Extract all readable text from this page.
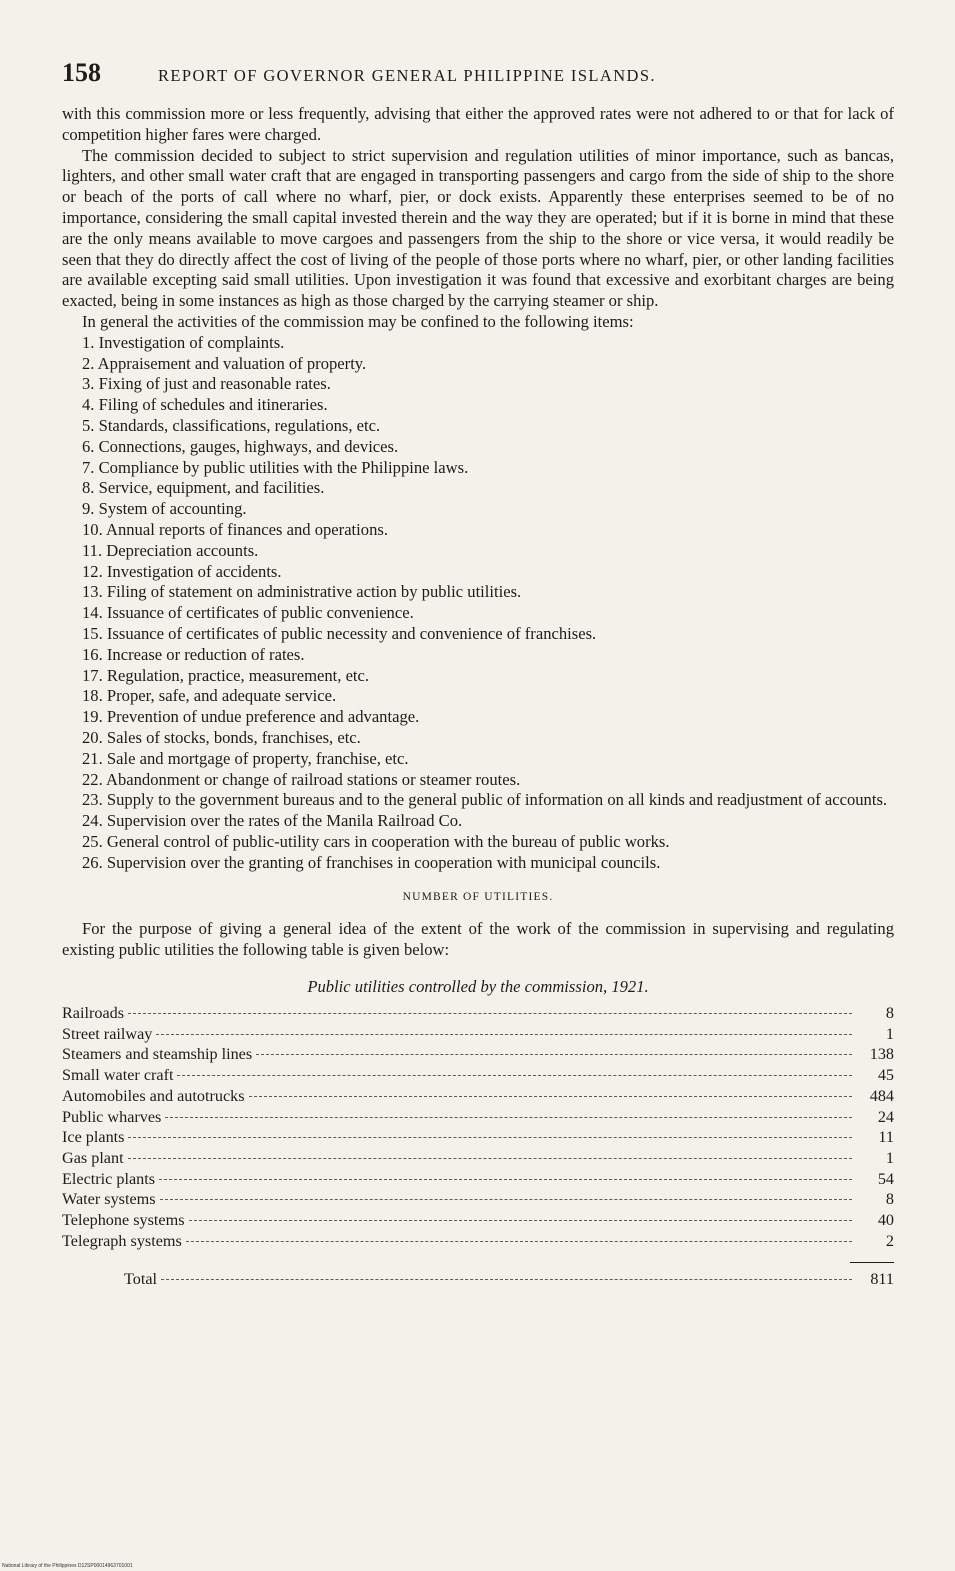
158	REPORT OF GOVERNOR GENERAL PHILIPPINE ISLANDS.

with this commission more or less frequently, advising that either the approved rates were not adhered to or that for lack of competition higher fares were charged.

The commission decided to subject to strict supervision and regulation utilities of minor importance, such as bancas, lighters, and other small water craft that are engaged in transporting passengers and cargo from the side of ship to the shore or beach of the ports of call where no wharf, pier, or dock exists. Apparently these enterprises seemed to be of no importance, considering the small capital invested therein and the way they are operated; but if it is borne in mind that these are the only means available to move cargoes and passengers from the ship to the shore or vice versa, it would readily be seen that they do directly affect the cost of living of the people of those ports where no wharf, pier, or other landing facilities are available excepting said small utilities. Upon investigation it was found that excessive and exorbitant charges are being exacted, being in some instances as high as those charged by the carrying steamer or ship.

In general the activities of the commission may be confined to the following items:

1. Investigation of complaints.
2. Appraisement and valuation of property.
3. Fixing of just and reasonable rates.
4. Filing of schedules and itineraries.
5. Standards, classifications, regulations, etc.
6. Connections, gauges, highways, and devices.
7. Compliance by public utilities with the Philippine laws.
8. Service, equipment, and facilities.
9. System of accounting.
10. Annual reports of finances and operations.
11. Depreciation accounts.
12. Investigation of accidents.
13. Filing of statement on administrative action by public utilities.
14. Issuance of certificates of public convenience.
15. Issuance of certificates of public necessity and convenience of franchises.
16. Increase or reduction of rates.
17. Regulation, practice, measurement, etc.
18. Proper, safe, and adequate service.
19. Prevention of undue preference and advantage.
20. Sales of stocks, bonds, franchises, etc.
21. Sale and mortgage of property, franchise, etc.
22. Abandonment or change of railroad stations or steamer routes.
23. Supply to the government bureaus and to the general public of information on all kinds and readjustment of accounts.
24. Supervision over the rates of the Manila Railroad Co.
25. General control of public-utility cars in cooperation with the bureau of public works.
26. Supervision over the granting of franchises in cooperation with municipal councils.
NUMBER OF UTILITIES.

For the purpose of giving a general idea of the extent of the work of the commission in supervising and regulating existing public utilities the following table is given below:

Public utilities controlled by the commission, 1921.
Railroads	8
Street railway	1
Steamers and steamship lines	138
Small water craft	45
Automobiles and autotrucks	484
Public wharves	24
Ice plants	11
Gas plant	1
Electric plants	54
Water systems	8
Telephone systems	40
Telegraph systems	2
Total	811
National Library of the Philippines D12SP00014963701001
